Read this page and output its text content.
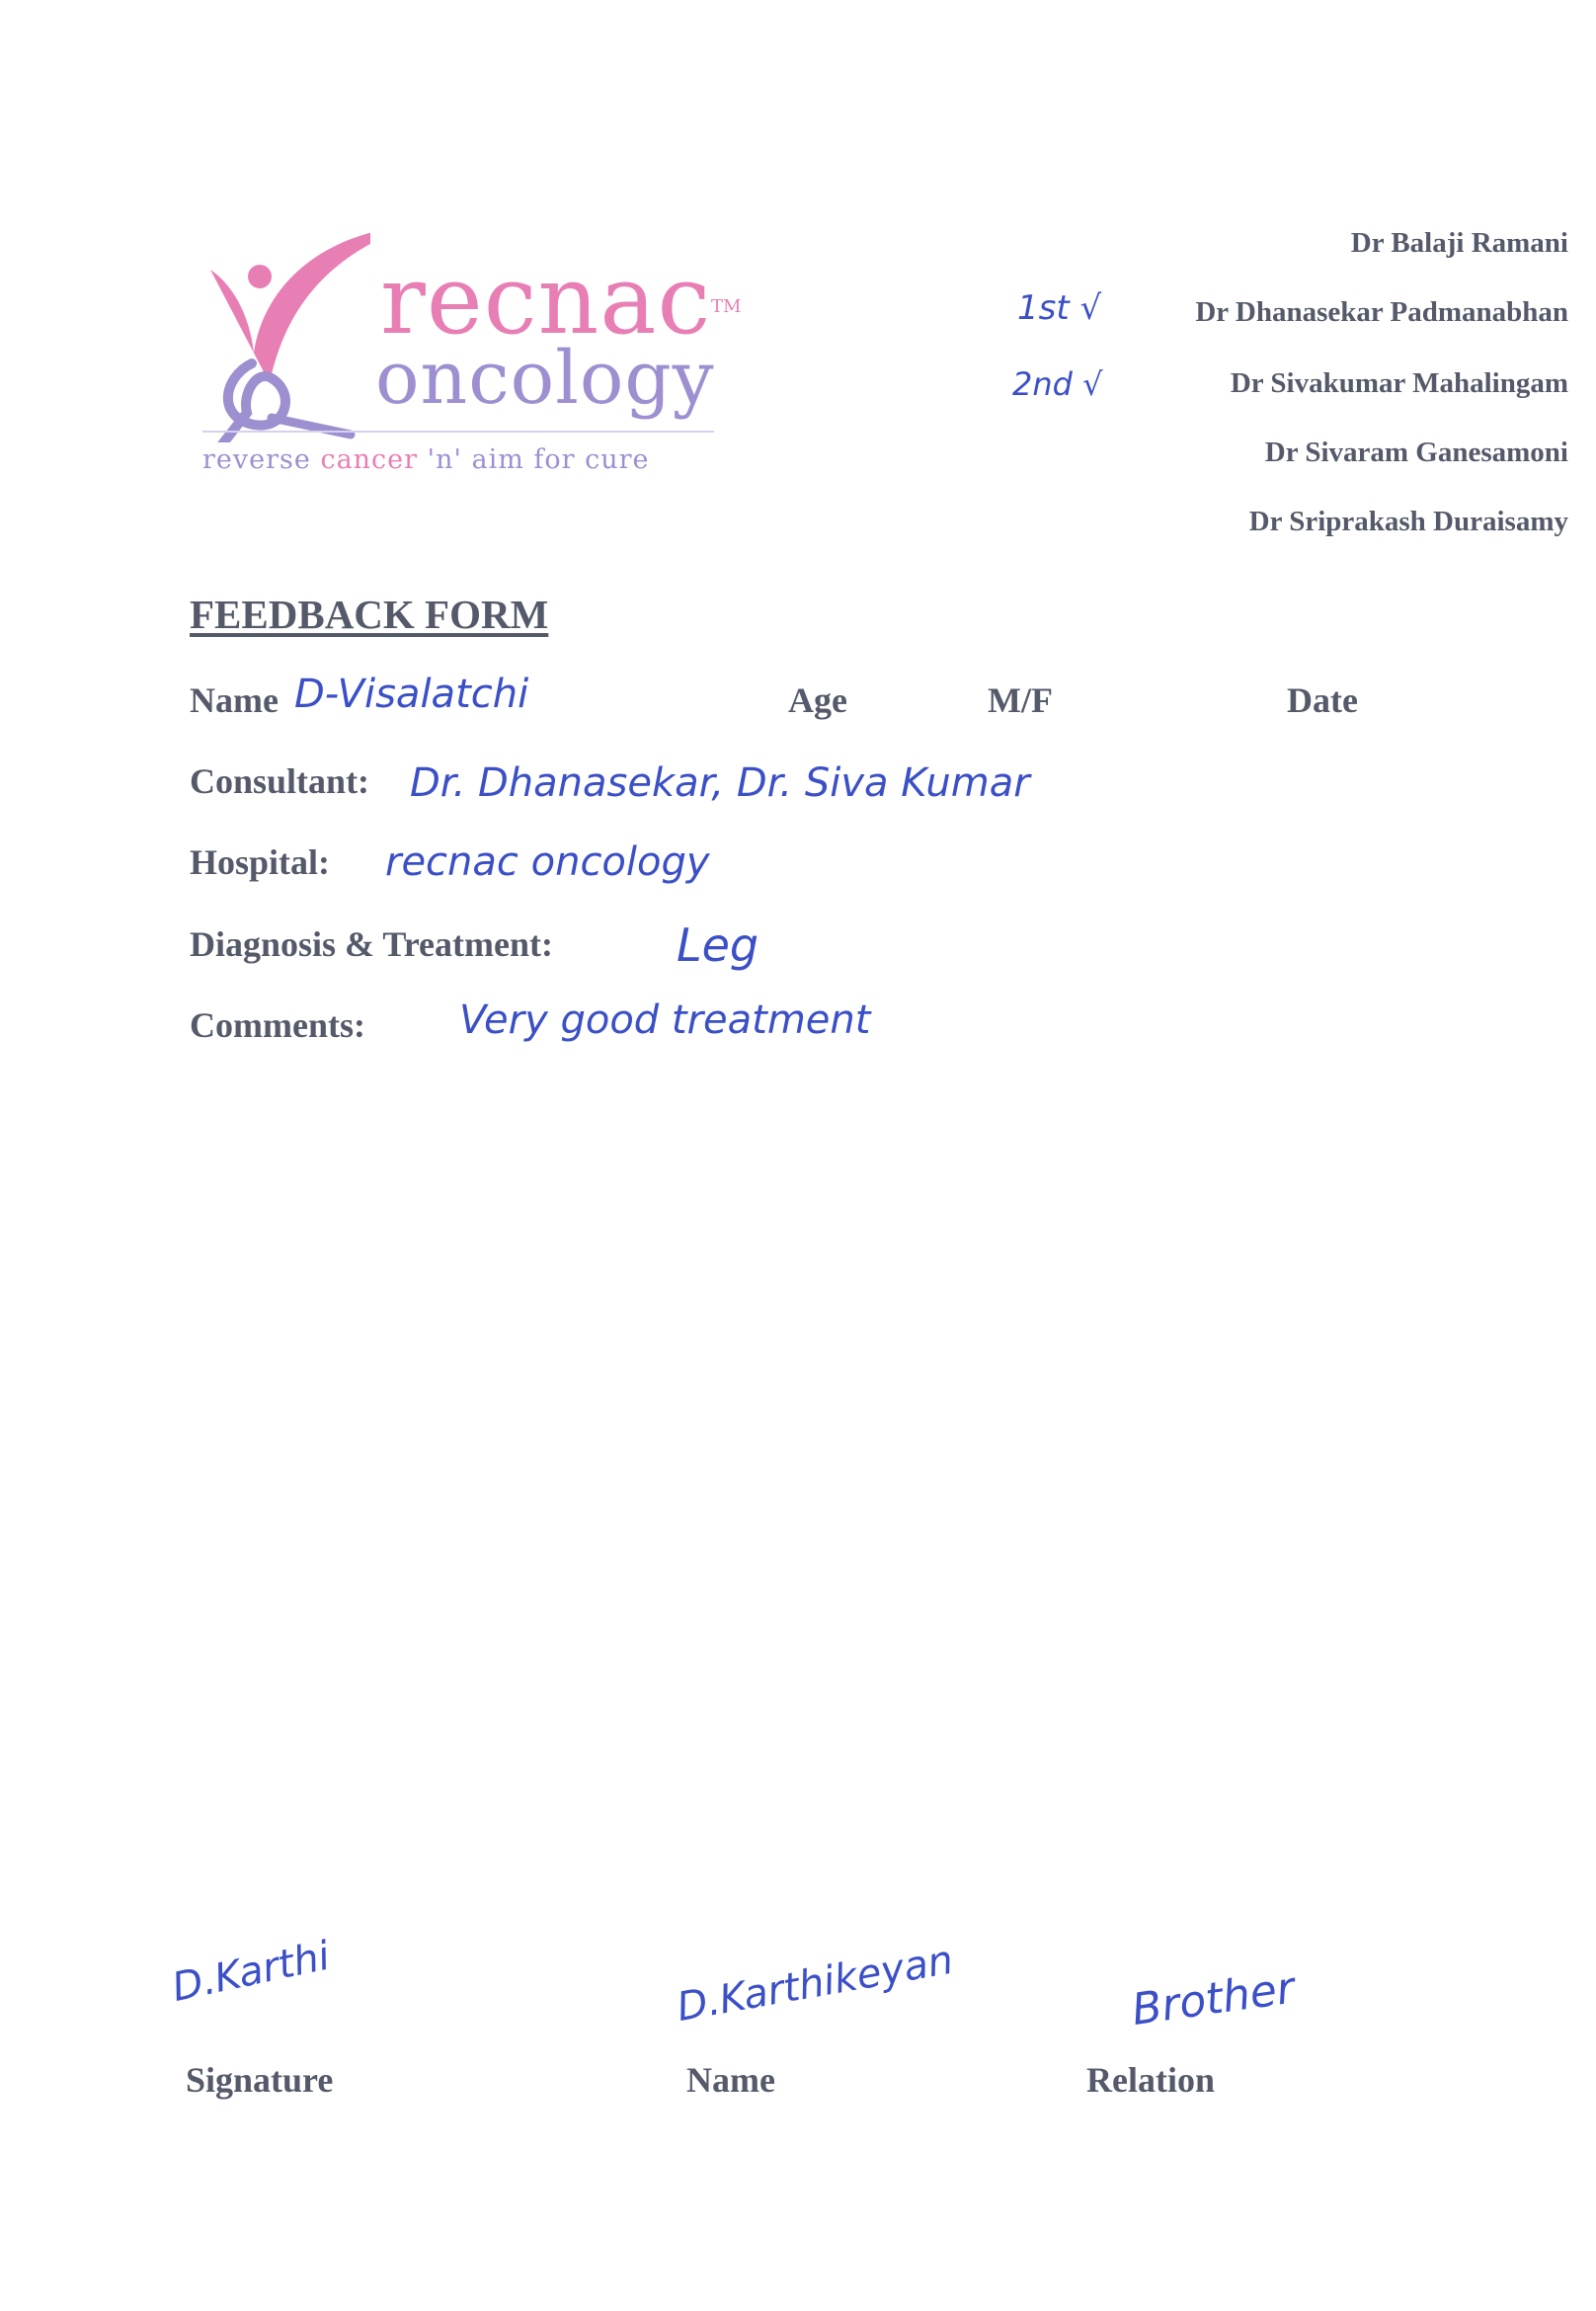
recnac TM
oncology
reverse cancer 'n' aim for cure
Dr Balaji Ramani
Dr Dhanasekar Padmanabhan
Dr Sivakumar Mahalingam
Dr Sivaram Ganesamoni
Dr Sriprakash Duraisamy
1st √
2nd √
FEEDBACK FORM
Name D-Visalatchi	Age	M/F	Date
Consultant: Dr. Dhanasekar, Dr. Siva Kumar
Hospital: recnac oncology
Diagnosis & Treatment:	Leg
Comments: Very good treatment
D.Karthi	D.Karthikeyan	Brother
Signature	Name	Relation
